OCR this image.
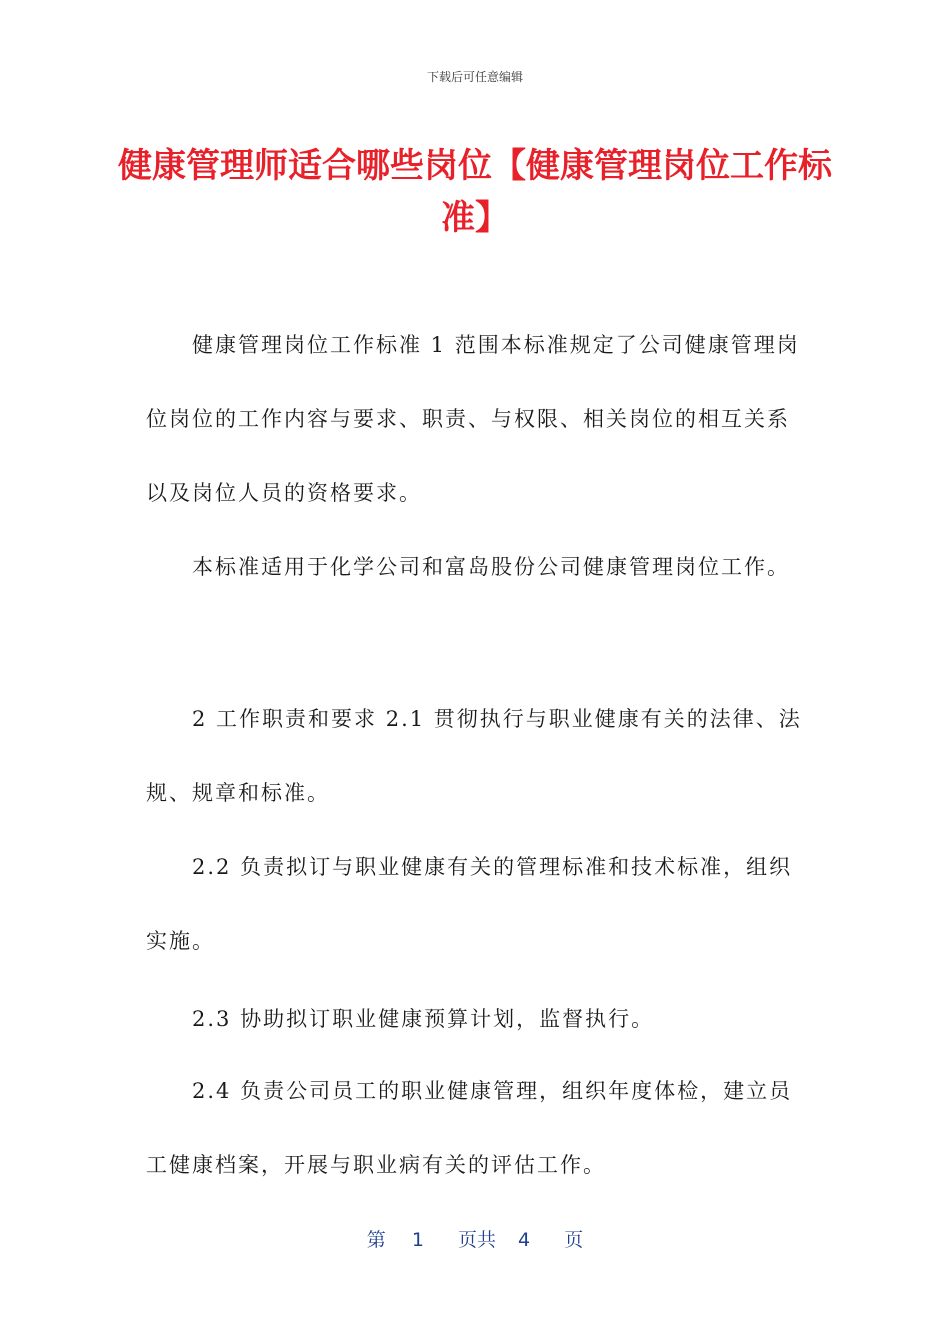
下载后可任意编辑
健康管理师适合哪些岗位【健康管理岗位工作标准】

健康管理岗位工作标准 1 范围本标准规定了公司健康管理岗位岗位的工作内容与要求、职责、与权限、相关岗位的相互关系以及岗位人员的资格要求。

本标准适用于化学公司和富岛股份公司健康管理岗位工作。

2 工作职责和要求 2.1 贯彻执行与职业健康有关的法律、法规、规章和标准。

2.2 负责拟订与职业健康有关的管理标准和技术标准，组织实施。

2.3 协助拟订职业健康预算计划，监督执行。

2.4 负责公司员工的职业健康管理，组织年度体检，建立员工健康档案，开展与职业病有关的评估工作。

第 1 页共 4 页
